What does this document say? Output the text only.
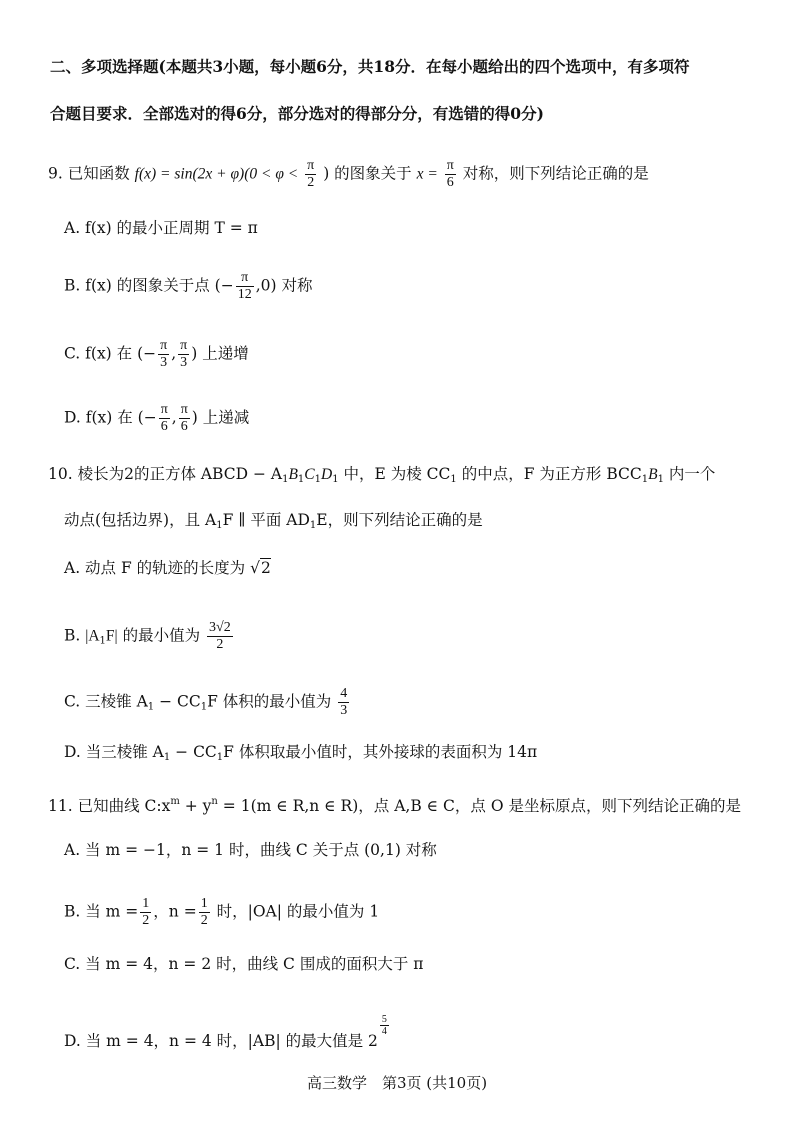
二、多项选择题(本题共3小题，每小题6分，共18分．在每小题给出的四个选项中，有多项符
合题目要求．全部选对的得6分，部分选对的得部分分，有选错的得0分)
9. 已知函数 $f(x) = \sin(2x + \varphi)(0 < \varphi < \frac{\pi}{2}$ ) 的图象关于 $x = \frac{\pi}{6}$ 对称，则下列结论正确的是
A. f(x) 的最小正周期 T = π
B. f(x) 的图象关于点 (− $\frac{\pi}{12} ,0$) 对称
C. f(x) 在 (− $\frac{\pi}{3}$ , $\frac{\pi}{3}$ ) 上递增
D. f(x) 在 (− $\frac{\pi}{6}$ , $\frac{\pi}{6}$ ) 上递减
10. 棱长为2的正方体 ABCD − $A_1B_1C_1D_1$ 中，E 为棱 $CC_1$ 的中点，F 为正方形 $BCC_1B_1$ 内一个
动点(包括边界)，且 $A_1F$ ∥ 平面 $AD_1E$，则下列结论正确的是
A. 动点 F 的轨迹的长度为 √2
B. $|A_1F|$ 的最小值为 $\frac{3√2}{2}$
C. 三棱锥 $A_1 - CC_1F$ 体积的最小值为 $\frac{4}{3}$
D. 当三棱锥 $A_1 - CC_1F$ 体积取最小值时，其外接球的表面积为 14π
11. 已知曲线 $C:x^m + y^n = 1(m$ ∈ R,n ∈ R)，点 A,B ∈ C，点 O 是坐标原点，则下列结论正确的是
A. 当 m = −1，n = 1 时，曲线 C 关于点 (0,1) 对称
B. 当 $m = \frac{1}{2}$ ，$n = \frac{1}{2}$ 时，|OA| 的最小值为 1
C. 当 m = 4，n = 2 时，曲线 C 围成的面积大于 π
D. 当 m = 4，n = 4 时，|AB| 的最大值是 2
$\frac{5}{4}$
高三数学　第3页 (共10页)
